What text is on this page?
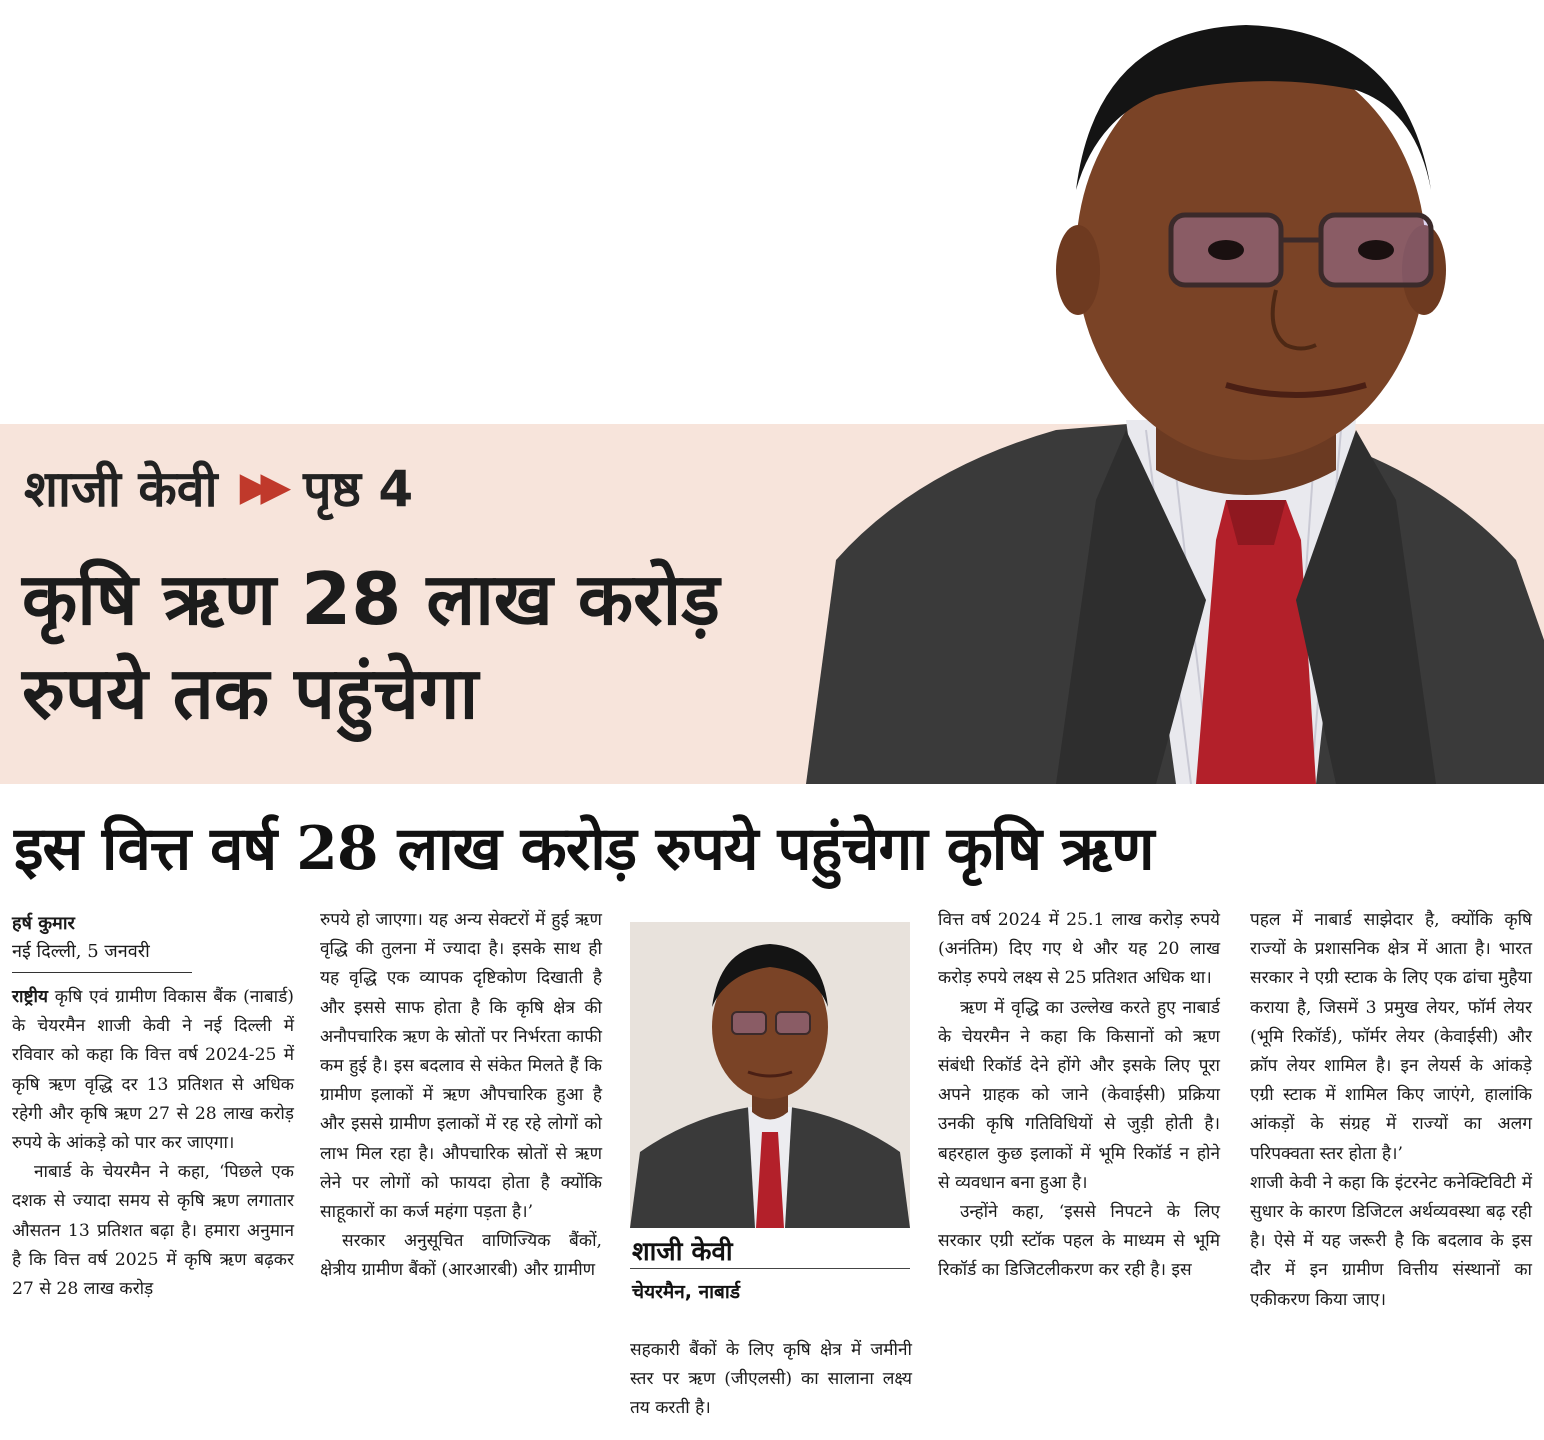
शाजी केवी ▶▶ पृष्ठ 4
कृषि ऋण 28 लाख करोड़
रुपये तक पहुंचेगा
इस वित्त वर्ष 28 लाख करोड़ रुपये पहुंचेगा कृषि ऋण
हर्ष कुमार
नई दिल्ली, 5 जनवरी

राष्ट्रीय कृषि एवं ग्रामीण विकास बैंक (नाबार्ड) के चेयरमैन शाजी केवी ने नई दिल्ली में रविवार को कहा कि वित्त वर्ष 2024-25 में कृषि ऋण वृद्धि दर 13 प्रतिशत से अधिक रहेगी और कृषि ऋण 27 से 28 लाख करोड़ रुपये के आंकड़े को पार कर जाएगा।

नाबार्ड के चेयरमैन ने कहा, ‘पिछले एक दशक से ज्यादा समय से कृषि ऋण लगातार औसतन 13 प्रतिशत बढ़ा है। हमारा अनुमान है कि वित्त वर्ष 2025 में कृषि ऋण बढ़कर 27 से 28 लाख करोड़

रुपये हो जाएगा। यह अन्य सेक्टरों में हुई ऋण वृद्धि की तुलना में ज्यादा है। इसके साथ ही यह वृद्धि एक व्यापक दृष्टिकोण दिखाती है और इससे साफ होता है कि कृषि क्षेत्र की अनौपचारिक ऋण के स्रोतों पर निर्भरता काफी कम हुई है। इस बदलाव से संकेत मिलते हैं कि ग्रामीण इलाकों में ऋण औपचारिक हुआ है और इससे ग्रामीण इलाकों में रह रहे लोगों को लाभ मिल रहा है। औपचारिक स्रोतों से ऋण लेने पर लोगों को फायदा होता है क्योंकि साहूकारों का कर्ज महंगा पड़ता है।’

सरकार अनुसूचित वाणिज्यिक बैंकों, क्षेत्रीय ग्रामीण बैंकों (आरआरबी) और ग्रामीण

शाजी केवी
चेयरमैन, नाबार्ड

सहकारी बैंकों के लिए कृषि क्षेत्र में जमीनी स्तर पर ऋण (जीएलसी) का सालाना लक्ष्य तय करती है।

वित्त वर्ष 2024 में 25.1 लाख करोड़ रुपये (अनंतिम) दिए गए थे और यह 20 लाख करोड़ रुपये लक्ष्य से 25 प्रतिशत अधिक था।

ऋण में वृद्धि का उल्लेख करते हुए नाबार्ड के चेयरमैन ने कहा कि किसानों को ऋण संबंधी रिकॉर्ड देने होंगे और इसके लिए पूरा अपने ग्राहक को जाने (केवाईसी) प्रक्रिया उनकी कृषि गतिविधियों से जुड़ी होती है। बहरहाल कुछ इलाकों में भूमि रिकॉर्ड न होने से व्यवधान बना हुआ है।

उन्होंने कहा, ‘इससे निपटने के लिए सरकार एग्री स्टॉक पहल के माध्यम से भूमि रिकॉर्ड का डिजिटलीकरण कर रही है। इस

पहल में नाबार्ड साझेदार है, क्योंकि कृषि राज्यों के प्रशासनिक क्षेत्र में आता है। भारत सरकार ने एग्री स्टाक के लिए एक ढांचा मुहैया कराया है, जिसमें 3 प्रमुख लेयर, फॉर्म लेयर (भूमि रिकॉर्ड), फॉर्मर लेयर (केवाईसी) और क्रॉप लेयर शामिल है। इन लेयर्स के आंकड़े एग्री स्टाक में शामिल किए जाएंगे, हालांकि आंकड़ों के संग्रह में राज्यों का अलग परिपक्वता स्तर होता है।’

शाजी केवी ने कहा कि इंटरनेट कनेक्टिविटी में सुधार के कारण डिजिटल अर्थव्यवस्था बढ़ रही है। ऐसे में यह जरूरी है कि बदलाव के इस दौर में इन ग्रामीण वित्तीय संस्थानों का एकीकरण किया जाए।
